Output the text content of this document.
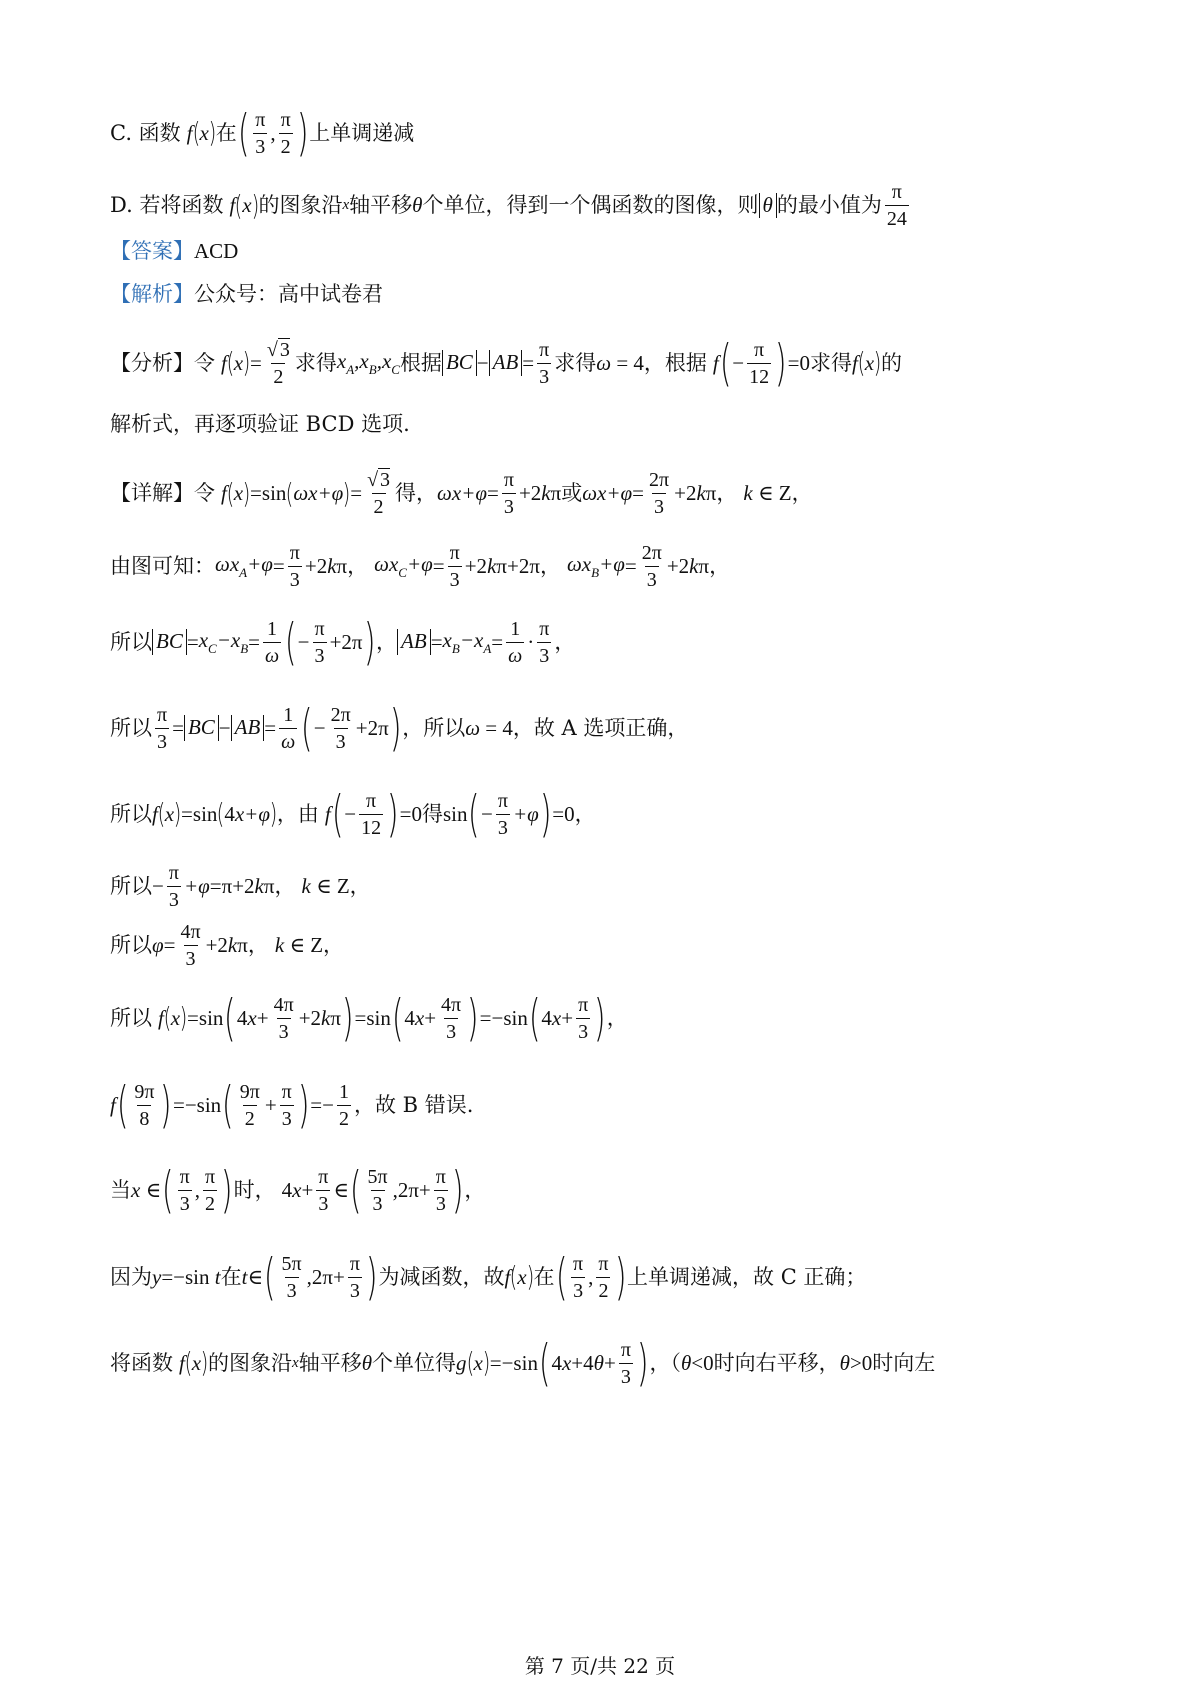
C. 函数 f ( x ) 在 ( $\frac{\pi}{3}$ , $\frac{\pi}{2}$ ) 上单调递减
D. 若将函数 f ( x ) 的图象沿 x 轴平移 θ 个单位，得到一个偶函数的图像，则 θ 的最小值为 $\frac{\pi}{24}$
【答案】 ACD
【解析】 公众号：高中试卷君
【分析】 令 f ( x ) = $\frac{√ 3}{2}$ 求得 $x_A,x_B,x_C$ 根据 BC − AB = $\frac{\pi}{3}$ 求得 ω = 4 ，根据 f ( − $\frac{\pi}{12}$ ) =0 求得 f ( x ) 的
解析式，再逐项验证 BCD 选项.
【详解】 令 f ( x ) =sin ( ωx+φ ) = $\frac{√ 3}{2}$ 得， $\omega x+\varphi = \frac{\pi}{3} +2k\pi$ 或 $\omega x+\varphi = \frac{2\pi}{3} +2k\pi$ ， k ∈ Z，
由图可知： $\omega x_A+\varphi = \frac{\pi}{3} +2k\pi$， $\omega x_C+\varphi = \frac{\pi}{3} +2k\pi+2\pi$， $\omega x_B+\varphi = \frac{2\pi}{3} +2k\pi$，
所以 BC = $x_C-x_B = \frac{1}{\omega}$ ( − $\frac{\pi}{3} +2\pi$ ) ， AB = $x_B-x_A = \frac{1}{\omega} \cdot \frac{\pi}{3}$ ，
所以 $\frac{\pi}{3}$ = BC − AB = $\frac{1}{\omega}$ ( − $\frac{2\pi}{3} +2\pi$ ) ， 所以 ω = 4 ，故 A 选项正确，
所以 f ( x ) =sin ( 4 x+φ ) ， 由 f ( − $\frac{\pi}{12}$ ) =0 得 sin ( − $\frac{\pi}{3} +\varphi$ ) =0，
所以 − $\frac{\pi}{3} +\varphi =\pi+2k\pi$， k ∈ Z，
所以 $\varphi = \frac{4\pi}{3} +2k\pi$， k ∈ Z，
所以 f ( x ) =sin ( 4 $x + \frac{4\pi}{3} +2k\pi$ ) =sin ( 4 $x + \frac{4\pi}{3}$ ) =−sin ( 4 $x + \frac{\pi}{3}$ ) ，
f ( $\frac{9\pi}{8}$ ) =−sin ( $\frac{9\pi}{2} + \frac{\pi}{3}$ ) =− $\frac{1}{2}$ ，故 B 错误.
当 x ∈ ( $\frac{\pi}{3}$ , $\frac{\pi}{2}$ ) 时， 4 $x + \frac{\pi}{3}$ ∈ ( $\frac{5\pi}{3} ,2\pi+ \frac{\pi}{3}$ ) ，
因为 y =−sin t 在 t ∈ ( $\frac{5\pi}{3} ,2\pi+ \frac{\pi}{3}$ ) 为减函数，故 f ( x ) 在 ( $\frac{\pi}{3}$ , $\frac{\pi}{2}$ ) 上单调递减，故 C 正确；
将函数 f ( x ) 的图象沿 x 轴平移 θ 个单位得 g ( x ) =−sin ( 4 x +4 $\theta + \frac{\pi}{3}$ ) ，（ θ <0 时向右平移， θ >0 时向左
第 7 页/共 22 页
